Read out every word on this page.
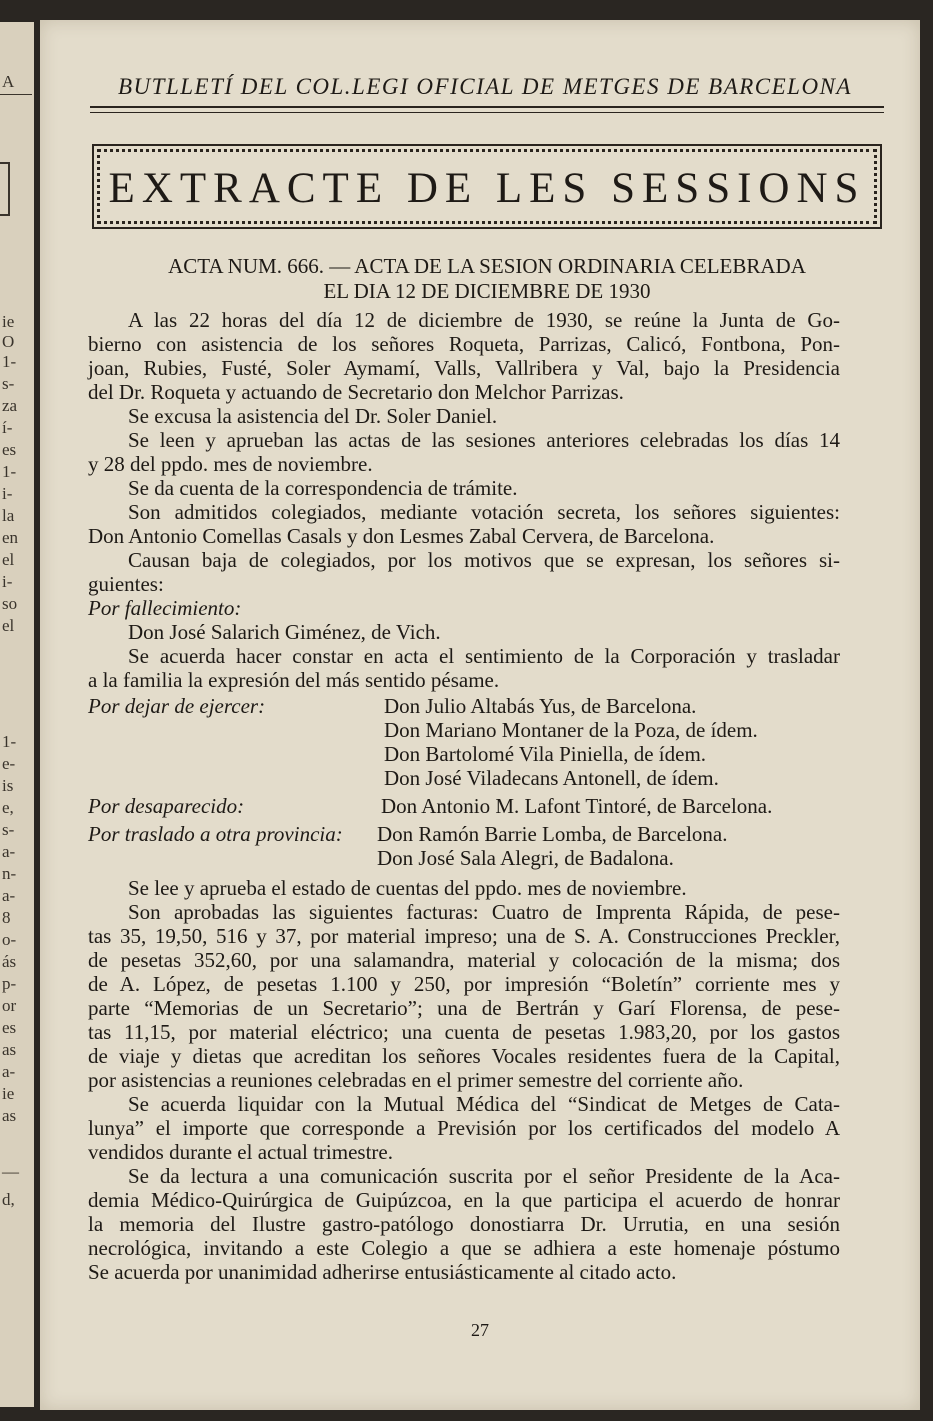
A
ie
O
1-
s-
za
í-
es
1-
i-
la
en
el
i-
so
el
1-
e-
is
e,
s-
a-
n-
a-
8
o-
ás
p-
or
es
as
a-
ie
as
—
d,
BUTLLETÍ DEL COL.LEGI OFICIAL DE METGES DE BARCELONA
EXTRACTE DE LES SESSIONS
ACTA NUM. 666. — ACTA DE LA SESION ORDINARIA CELEBRADA
EL DIA 12 DE DICIEMBRE DE 1930
A las 22 horas del día 12 de diciembre de 1930, se reúne la Junta de Go-
bierno con asistencia de los señores Roqueta, Parrizas, Calicó, Fontbona, Pon-
joan, Rubies, Fusté, Soler Aymamí, Valls, Vallribera y Val, bajo la Presidencia
del Dr. Roqueta y actuando de Secretario don Melchor Parrizas.
Se excusa la asistencia del Dr. Soler Daniel.
Se leen y aprueban las actas de las sesiones anteriores celebradas los días 14
y 28 del ppdo. mes de noviembre.
Se da cuenta de la correspondencia de trámite.
Son admitidos colegiados, mediante votación secreta, los señores siguientes:
Don Antonio Comellas Casals y don Lesmes Zabal Cervera, de Barcelona.
Causan baja de colegiados, por los motivos que se expresan, los señores si-
guientes:
Por fallecimiento:
Don José Salarich Giménez, de Vich.
Se acuerda hacer constar en acta el sentimiento de la Corporación y trasladar
a la familia la expresión del más sentido pésame.
Por dejar de ejercer:	Don Julio Altabás Yus, de Barcelona.
Don Mariano Montaner de la Poza, de ídem.
Don Bartolomé Vila Piniella, de ídem.
Don José Viladecans Antonell, de ídem.
Por desaparecido:	Don Antonio M. Lafont Tintoré, de Barcelona.
Por traslado a otra provincia:	Don Ramón Barrie Lomba, de Barcelona.
Don José Sala Alegri, de Badalona.
Se lee y aprueba el estado de cuentas del ppdo. mes de noviembre.
Son aprobadas las siguientes facturas: Cuatro de Imprenta Rápida, de pese-
tas 35, 19,50, 516 y 37, por material impreso; una de S. A. Construcciones Preckler,
de pesetas 352,60, por una salamandra, material y colocación de la misma; dos
de A. López, de pesetas 1.100 y 250, por impresión “Boletín” corriente mes y
parte “Memorias de un Secretario”; una de Bertrán y Garí Florensa, de pese-
tas 11,15, por material eléctrico; una cuenta de pesetas 1.983,20, por los gastos
de viaje y dietas que acreditan los señores Vocales residentes fuera de la Capital,
por asistencias a reuniones celebradas en el primer semestre del corriente año.
Se acuerda liquidar con la Mutual Médica del “Sindicat de Metges de Cata-
lunya” el importe que corresponde a Previsión por los certificados del modelo A
vendidos durante el actual trimestre.
Se da lectura a una comunicación suscrita por el señor Presidente de la Aca-
demia Médico-Quirúrgica de Guipúzcoa, en la que participa el acuerdo de honrar
la memoria del Ilustre gastro-patólogo donostiarra Dr. Urrutia, en una sesión
necrológica, invitando a este Colegio a que se adhiera a este homenaje póstumo
Se acuerda por unanimidad adherirse entusiásticamente al citado acto.
27
